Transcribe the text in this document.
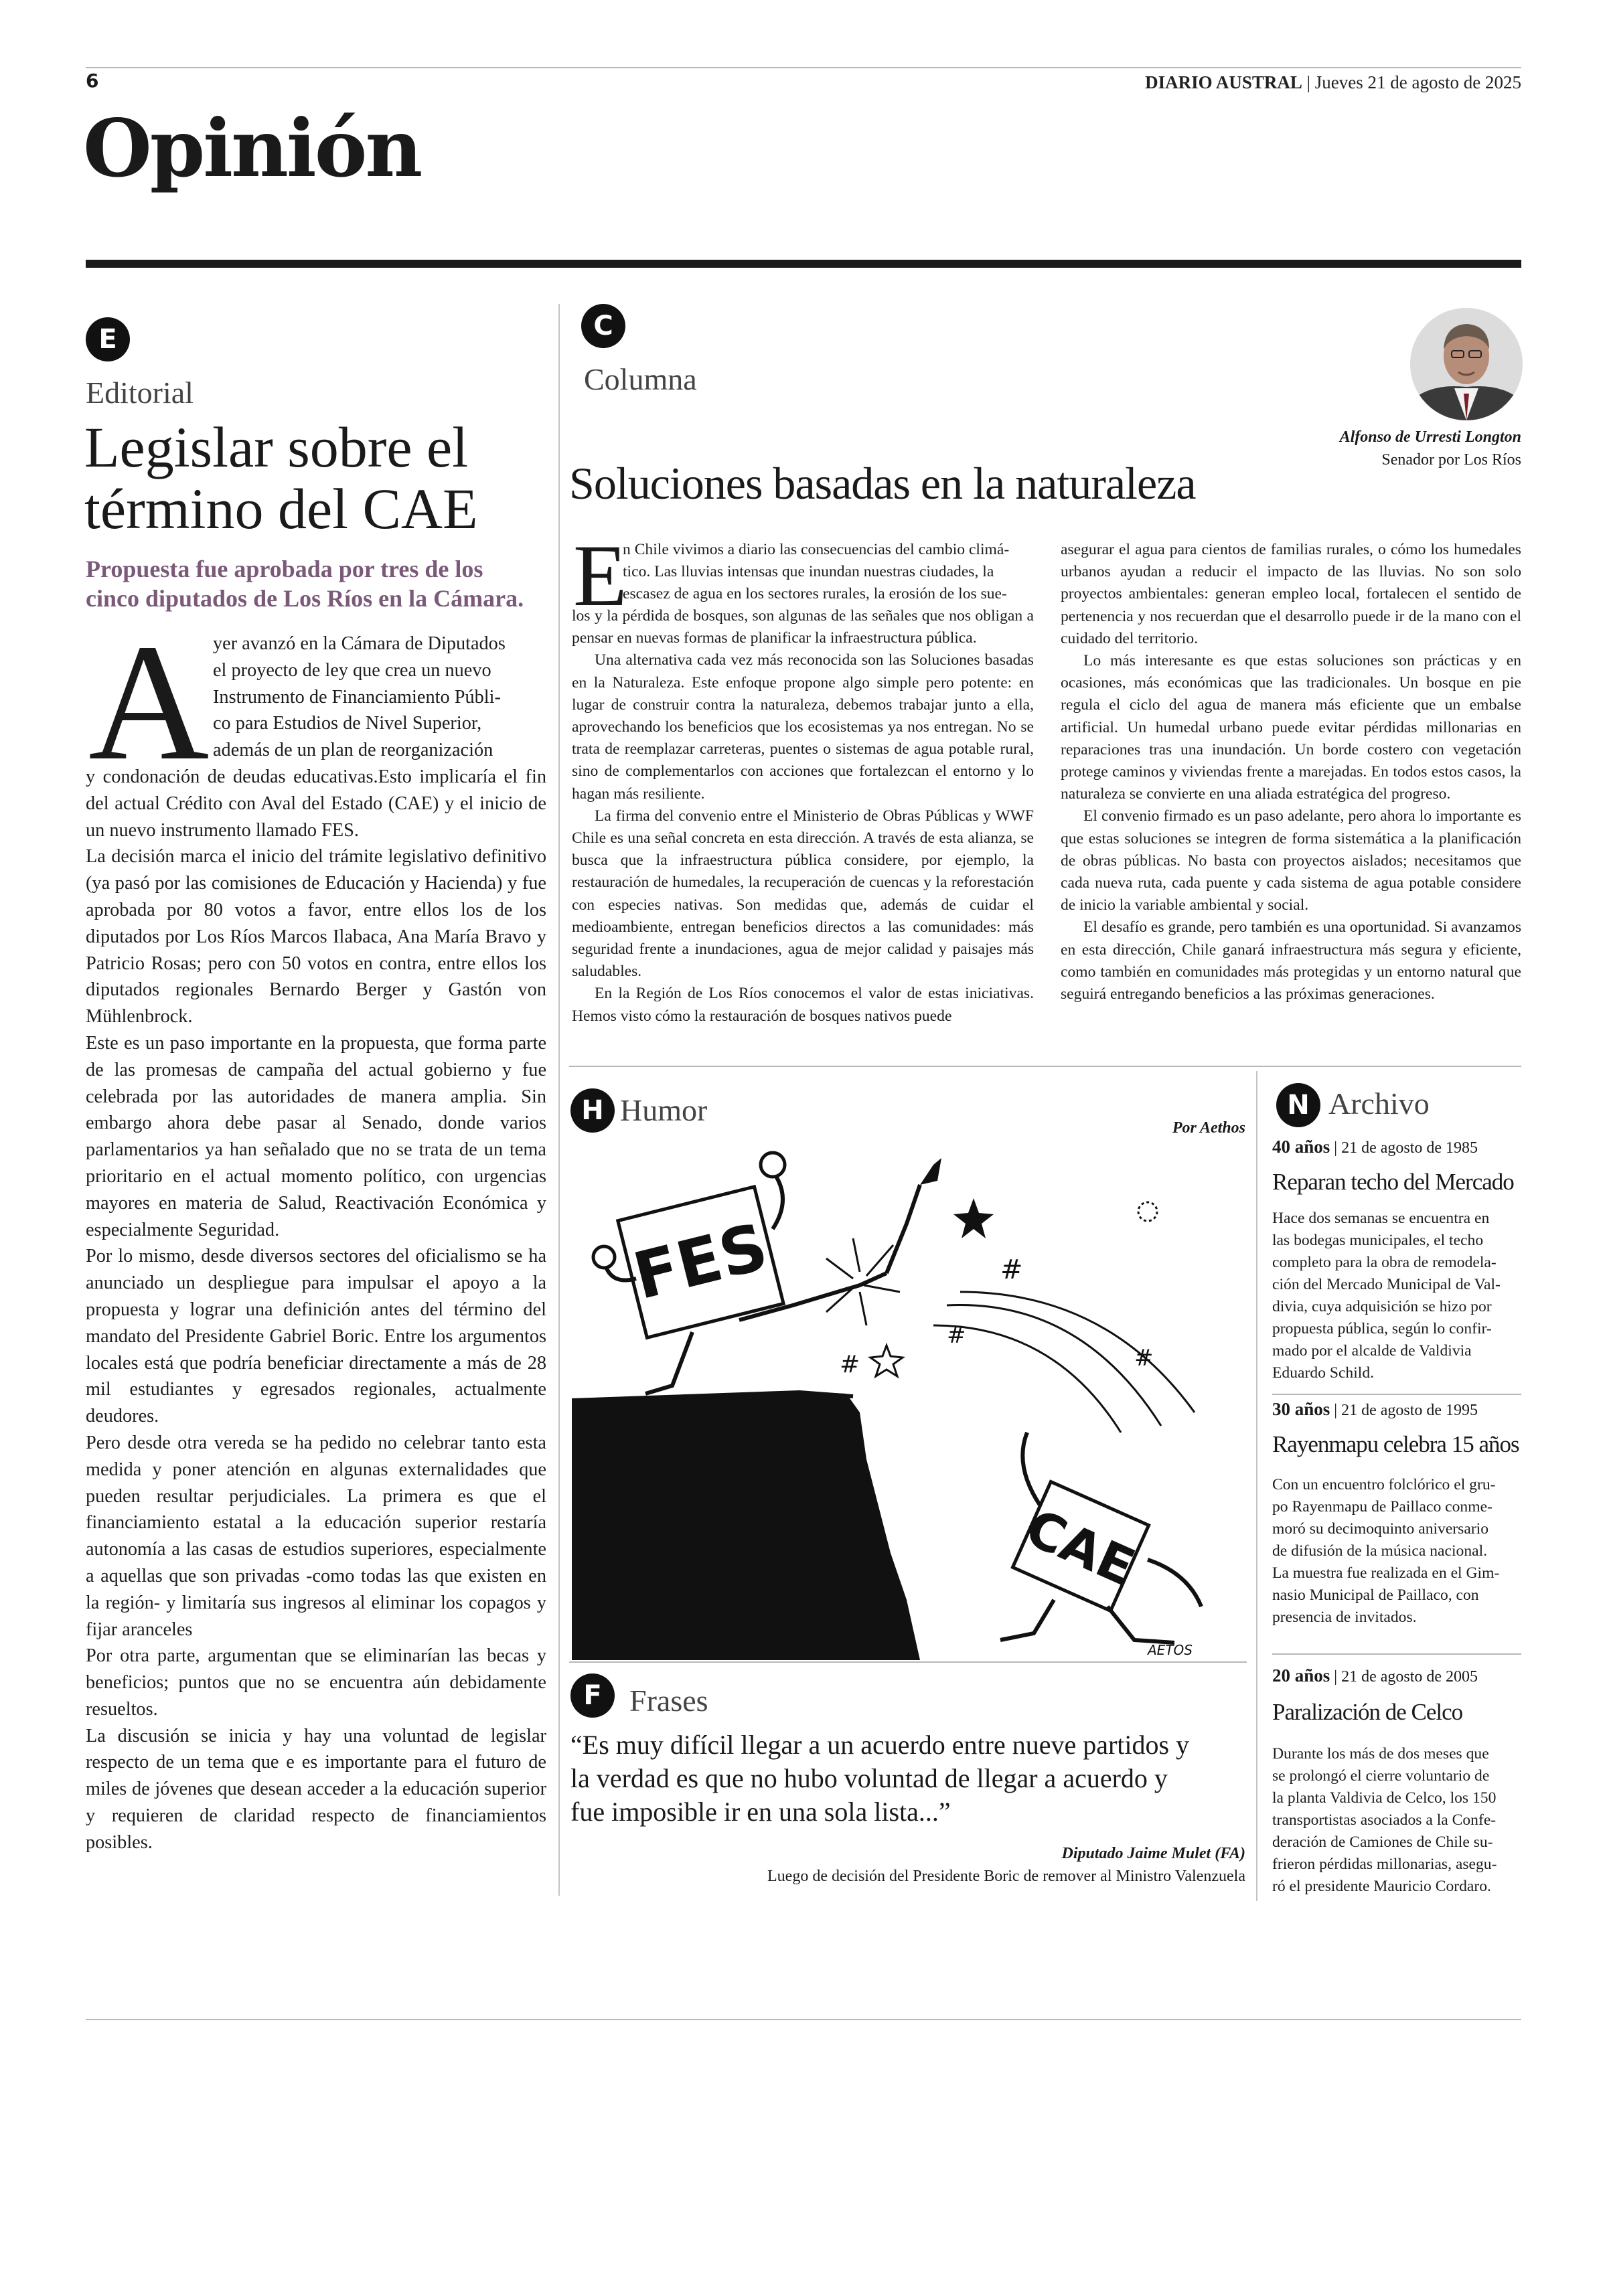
6	DIARIO AUSTRAL | Jueves 21 de agosto de 2025
Opinión
E
Editorial
Legislar sobre el
término del CAE
Propuesta fue aprobada por tres de los
cinco diputados de Los Ríos en la Cámara.
A yer avanzó en la Cámara de Diputados
el proyecto de ley que crea un nuevo
Instrumento de Financiamiento Públi-
co para Estudios de Nivel Superior,
además de un plan de reorganización

y condonación de deudas educativas.Esto implicaría el fin del actual Crédito con Aval del Estado (CAE) y el inicio de un nuevo instrumento llamado FES.

La decisión marca el inicio del trámite legislativo definitivo (ya pasó por las comisiones de Educación y Hacienda) y fue aprobada por 80 votos a favor, entre ellos los de los diputados por Los Ríos Marcos Ilabaca, Ana María Bravo y Patricio Rosas; pero con 50 votos en contra, entre ellos los diputados regionales Bernardo Berger y Gastón von Mühlenbrock.

Este es un paso importante en la propuesta, que forma parte de las promesas de campaña del actual gobierno y fue celebrada por las autoridades de manera amplia. Sin embargo ahora debe pasar al Senado, donde varios parlamentarios ya han señalado que no se trata de un tema prioritario en el actual momento político, con urgencias mayores en materia de Salud, Reactivación Económica y especialmente Seguridad.

Por lo mismo, desde diversos sectores del oficialismo se ha anunciado un despliegue para impulsar el apoyo a la propuesta y lograr una definición antes del término del mandato del Presidente Gabriel Boric. Entre los argumentos locales está que podría beneficiar directamente a más de 28 mil estudiantes y egresados regionales, actualmente deudores.

Pero desde otra vereda se ha pedido no celebrar tanto esta medida y poner atención en algunas externalidades que pueden resultar perjudiciales. La primera es que el financiamiento estatal a la educación superior restaría autonomía a las casas de estudios superiores, especialmente a aquellas que son privadas -como todas las que existen en la región- y limitaría sus ingresos al eliminar los copagos y fijar aranceles

Por otra parte, argumentan que se eliminarían las becas y beneficios; puntos que no se encuentra aún debidamente resueltos.

La discusión se inicia y hay una voluntad de legislar respecto de un tema que e es importante para el futuro de miles de jóvenes que desean acceder a la educación superior y requieren de claridad respecto de financiamientos posibles.

C
Columna
Alfonso de Urresti Longton
Senador por Los Ríos
Soluciones basadas en la naturaleza
E
n Chile vivimos a diario las consecuencias del cambio climá-
tico. Las lluvias intensas que inundan nuestras ciudades, la
escasez de agua en los sectores rurales, la erosión de los sue-

los y la pérdida de bosques, son algunas de las señales que nos obligan a pensar en nuevas formas de planificar la infraestructura pública.

Una alternativa cada vez más reconocida son las Soluciones basadas en la Naturaleza. Este enfoque propone algo simple pero potente: en lugar de construir contra la naturaleza, debemos trabajar junto a ella, aprovechando los beneficios que los ecosistemas ya nos entregan. No se trata de reemplazar carreteras, puentes o sistemas de agua potable rural, sino de complementarlos con acciones que fortalezcan el entorno y lo hagan más resiliente.

La firma del convenio entre el Ministerio de Obras Públicas y WWF Chile es una señal concreta en esta dirección. A través de esta alianza, se busca que la infraestructura pública considere, por ejemplo, la restauración de humedales, la recuperación de cuencas y la reforestación con especies nativas. Son medidas que, además de cuidar el medioambiente, entregan beneficios directos a las comunidades: más seguridad frente a inundaciones, agua de mejor calidad y paisajes más saludables.

En la Región de Los Ríos conocemos el valor de estas iniciativas. Hemos visto cómo la restauración de bosques nativos puede

asegurar el agua para cientos de familias rurales, o cómo los humedales urbanos ayudan a reducir el impacto de las lluvias. No son solo proyectos ambientales: generan empleo local, fortalecen el sentido de pertenencia y nos recuerdan que el desarrollo puede ir de la mano con el cuidado del territorio.

Lo más interesante es que estas soluciones son prácticas y en ocasiones, más económicas que las tradicionales. Un bosque en pie regula el ciclo del agua de manera más eficiente que un embalse artificial. Un humedal urbano puede evitar pérdidas millonarias en reparaciones tras una inundación. Un borde costero con vegetación protege caminos y viviendas frente a marejadas. En todos estos casos, la naturaleza se convierte en una aliada estratégica del progreso.

El convenio firmado es un paso adelante, pero ahora lo importante es que estas soluciones se integren de forma sistemática a la planificación de obras públicas. No basta con proyectos aislados; necesitamos que cada nueva ruta, cada puente y cada sistema de agua potable considere de inicio la variable ambiental y social.

El desafío es grande, pero también es una oportunidad. Si avanzamos en esta dirección, Chile ganará infraestructura más segura y eficiente, como también en comunidades más protegidas y un entorno natural que seguirá entregando beneficios a las próximas generaciones.

H Humor
Por Aethos
FES	#
#
#
#
CAE
AETOS
F Frases
“Es muy difícil llegar a un acuerdo entre nueve partidos y
la verdad es que no hubo voluntad de llegar a acuerdo y
fue imposible ir en una sola lista...”
Diputado Jaime Mulet (FA)
Luego de decisión del Presidente Boric de remover al Ministro Valenzuela
N Archivo
40 años | 21 de agosto de 1985
Reparan techo del Mercado
Hace dos semanas se encuentra en
las bodegas municipales, el techo
completo para la obra de remodela-
ción del Mercado Municipal de Val-
divia, cuya adquisición se hizo por
propuesta pública, según lo confir-
mado por el alcalde de Valdivia
Eduardo Schild.
30 años | 21 de agosto de 1995
Rayenmapu celebra 15 años
Con un encuentro folclórico el gru-
po Rayenmapu de Paillaco conme-
moró su decimoquinto aniversario
de difusión de la música nacional.
La muestra fue realizada en el Gim-
nasio Municipal de Paillaco, con
presencia de invitados.
20 años | 21 de agosto de 2005
Paralización de Celco
Durante los más de dos meses que
se prolongó el cierre voluntario de
la planta Valdivia de Celco, los 150
transportistas asociados a la Confe-
deración de Camiones de Chile su-
frieron pérdidas millonarias, asegu-
ró el presidente Mauricio Cordaro.
